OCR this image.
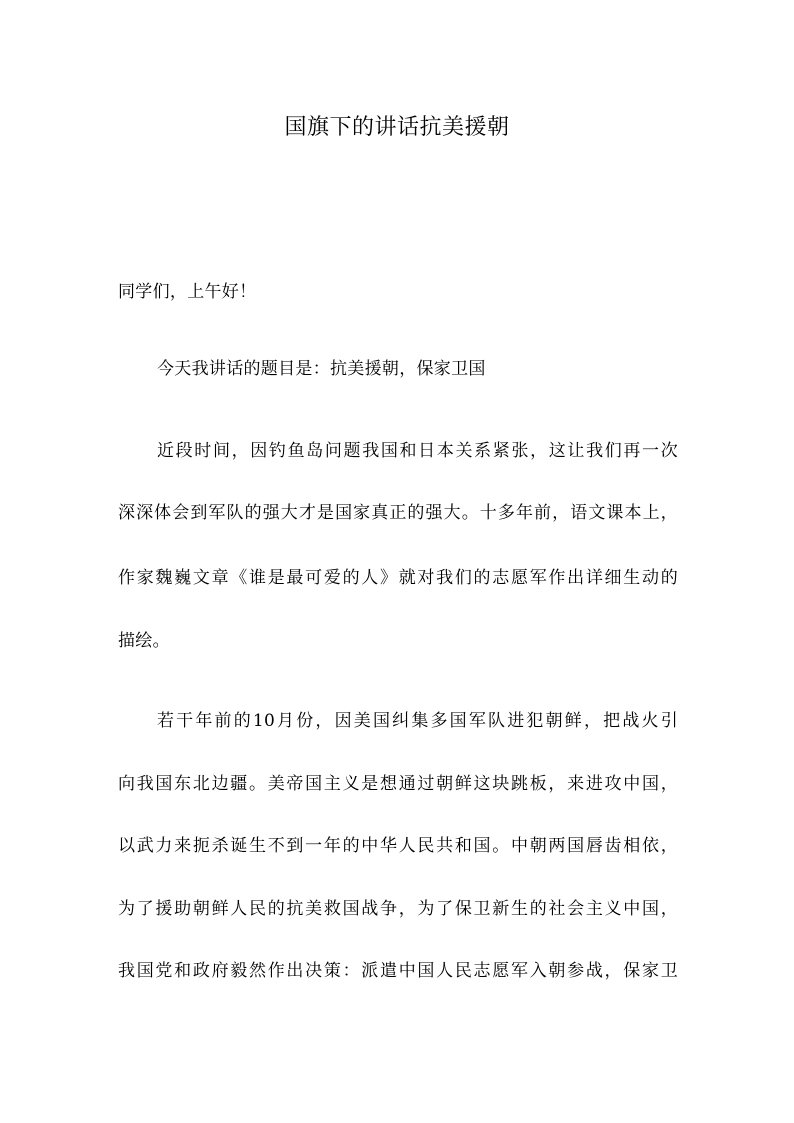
国旗下的讲话抗美援朝
同学们，上午好！
今天我讲话的题目是：抗美援朝，保家卫国
近段时间，因钓鱼岛问题我国和日本关系紧张，这让我们再一次
深深体会到军队的强大才是国家真正的强大。十多年前，语文课本上，
作家魏巍文章《谁是最可爱的人》就对我们的志愿军作出详细生动的
描绘。
若干年前的10月份，因美国纠集多国军队进犯朝鲜，把战火引
向我国东北边疆。美帝国主义是想通过朝鲜这块跳板，来进攻中国，
以武力来扼杀诞生不到一年的中华人民共和国。中朝两国唇齿相依，
为了援助朝鲜人民的抗美救国战争，为了保卫新生的社会主义中国，
我国党和政府毅然作出决策：派遣中国人民志愿军入朝参战，保家卫
